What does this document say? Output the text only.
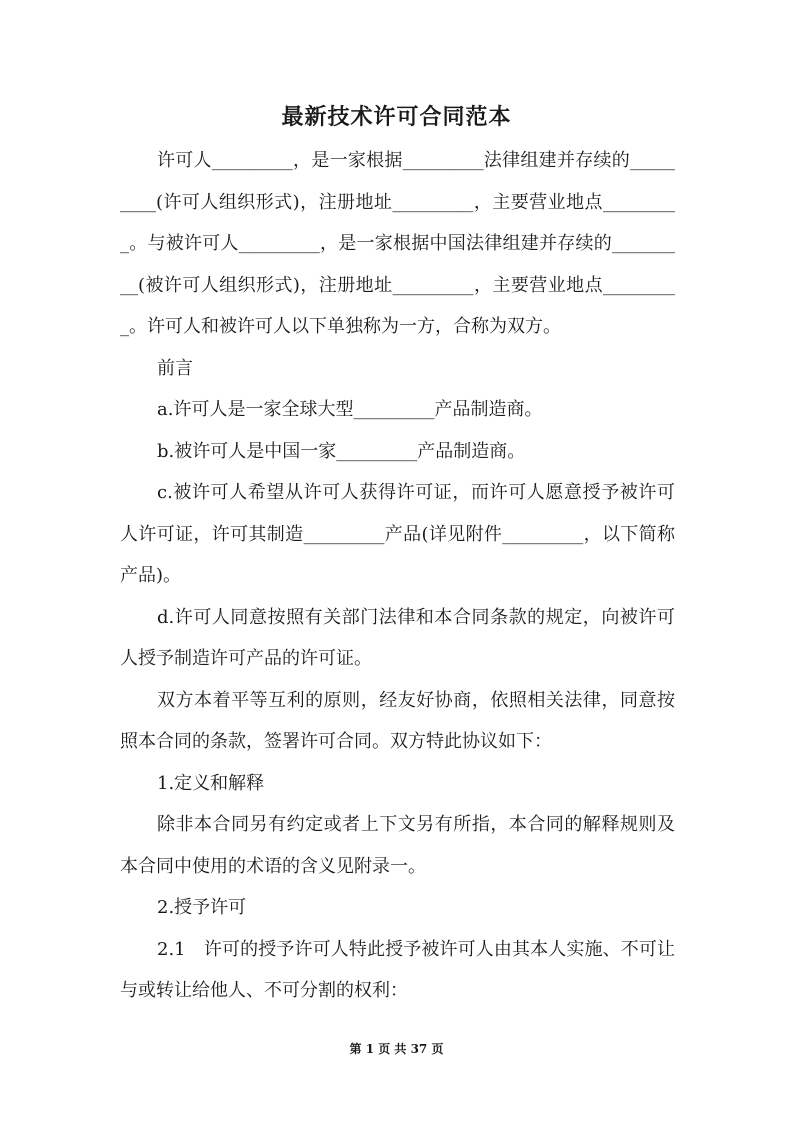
最新技术许可合同范本

许可人_________，是一家根据_________法律组建并存续的_________(许可人组织形式)，注册地址_________，主要营业地点_________。与被许可人_________，是一家根据中国法律组建并存续的_________(被许可人组织形式)，注册地址_________，主要营业地点_________。许可人和被许可人以下单独称为一方，合称为双方。

前言

a.许可人是一家全球大型_________产品制造商。

b.被许可人是中国一家_________产品制造商。

c.被许可人希望从许可人获得许可证，而许可人愿意授予被许可人许可证，许可其制造_________产品(详见附件_________，以下简称产品)。

d.许可人同意按照有关部门法律和本合同条款的规定，向被许可人授予制造许可产品的许可证。

双方本着平等互利的原则，经友好协商，依照相关法律，同意按照本合同的条款，签署许可合同。双方特此协议如下：

1.定义和解释

除非本合同另有约定或者上下文另有所指，本合同的解释规则及本合同中使用的术语的含义见附录一。

2.授予许可

2.1　许可的授予许可人特此授予被许可人由其本人实施、不可让与或转让给他人、不可分割的权利：

第 1 页 共 37 页
